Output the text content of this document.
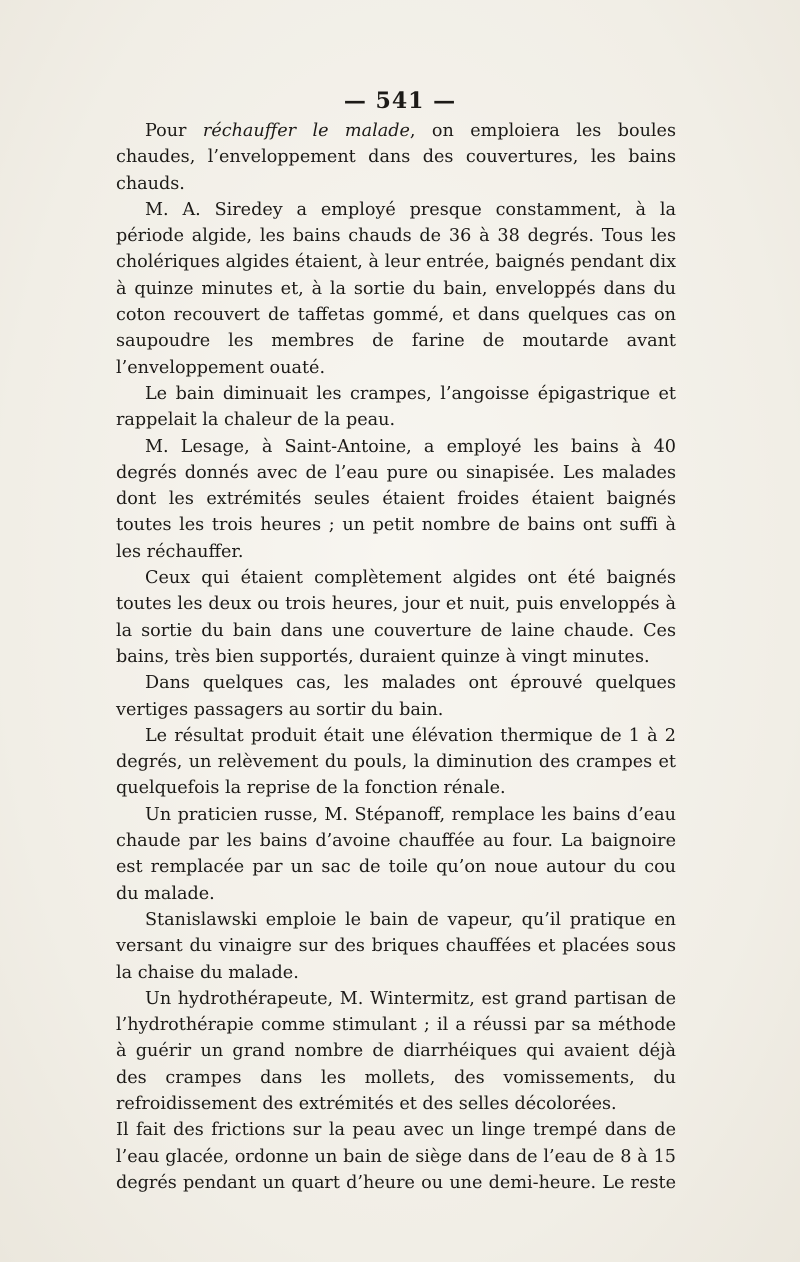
— 541 —

Pour réchauffer le malade, on emploiera les boules chaudes, l’enveloppement dans des couvertures, les bains chauds.

M. A. Siredey a employé presque constamment, à la période algide, les bains chauds de 36 à 38 degrés. Tous les cholériques algides étaient, à leur entrée, baignés pendant dix à quinze minutes et, à la sortie du bain, enveloppés dans du coton recouvert de taffetas gommé, et dans quelques cas on saupoudre les membres de farine de moutarde avant l’enveloppement ouaté.

Le bain diminuait les crampes, l’angoisse épigastrique et rappelait la chaleur de la peau.

M. Lesage, à Saint-Antoine, a employé les bains à 40 degrés donnés avec de l’eau pure ou sinapisée. Les malades dont les extrémités seules étaient froides étaient baignés toutes les trois heures ; un petit nombre de bains ont suffi à les réchauffer.

Ceux qui étaient complètement algides ont été baignés toutes les deux ou trois heures, jour et nuit, puis enveloppés à la sortie du bain dans une couverture de laine chaude. Ces bains, très bien supportés, duraient quinze à vingt minutes.

Dans quelques cas, les malades ont éprouvé quelques vertiges passagers au sortir du bain.

Le résultat produit était une élévation thermique de 1 à 2 degrés, un relèvement du pouls, la diminution des crampes et quelquefois la reprise de la fonction rénale.

Un praticien russe, M. Stépanoff, remplace les bains d’eau chaude par les bains d’avoine chauffée au four. La baignoire est remplacée par un sac de toile qu’on noue autour du cou du malade.

Stanislawski emploie le bain de vapeur, qu’il pratique en versant du vinaigre sur des briques chauffées et placées sous la chaise du malade.

Un hydrothérapeute, M. Wintermitz, est grand partisan de l’hydrothérapie comme stimulant ; il a réussi par sa méthode à guérir un grand nombre de diarrhéiques qui avaient déjà des crampes dans les mollets, des vomissements, du refroidissement des extrémités et des selles décolorées.

Il fait des frictions sur la peau avec un linge trempé dans de l’eau glacée, ordonne un bain de siège dans de l’eau de 8 à 15 degrés pendant un quart d’heure ou une demi-heure. Le reste
